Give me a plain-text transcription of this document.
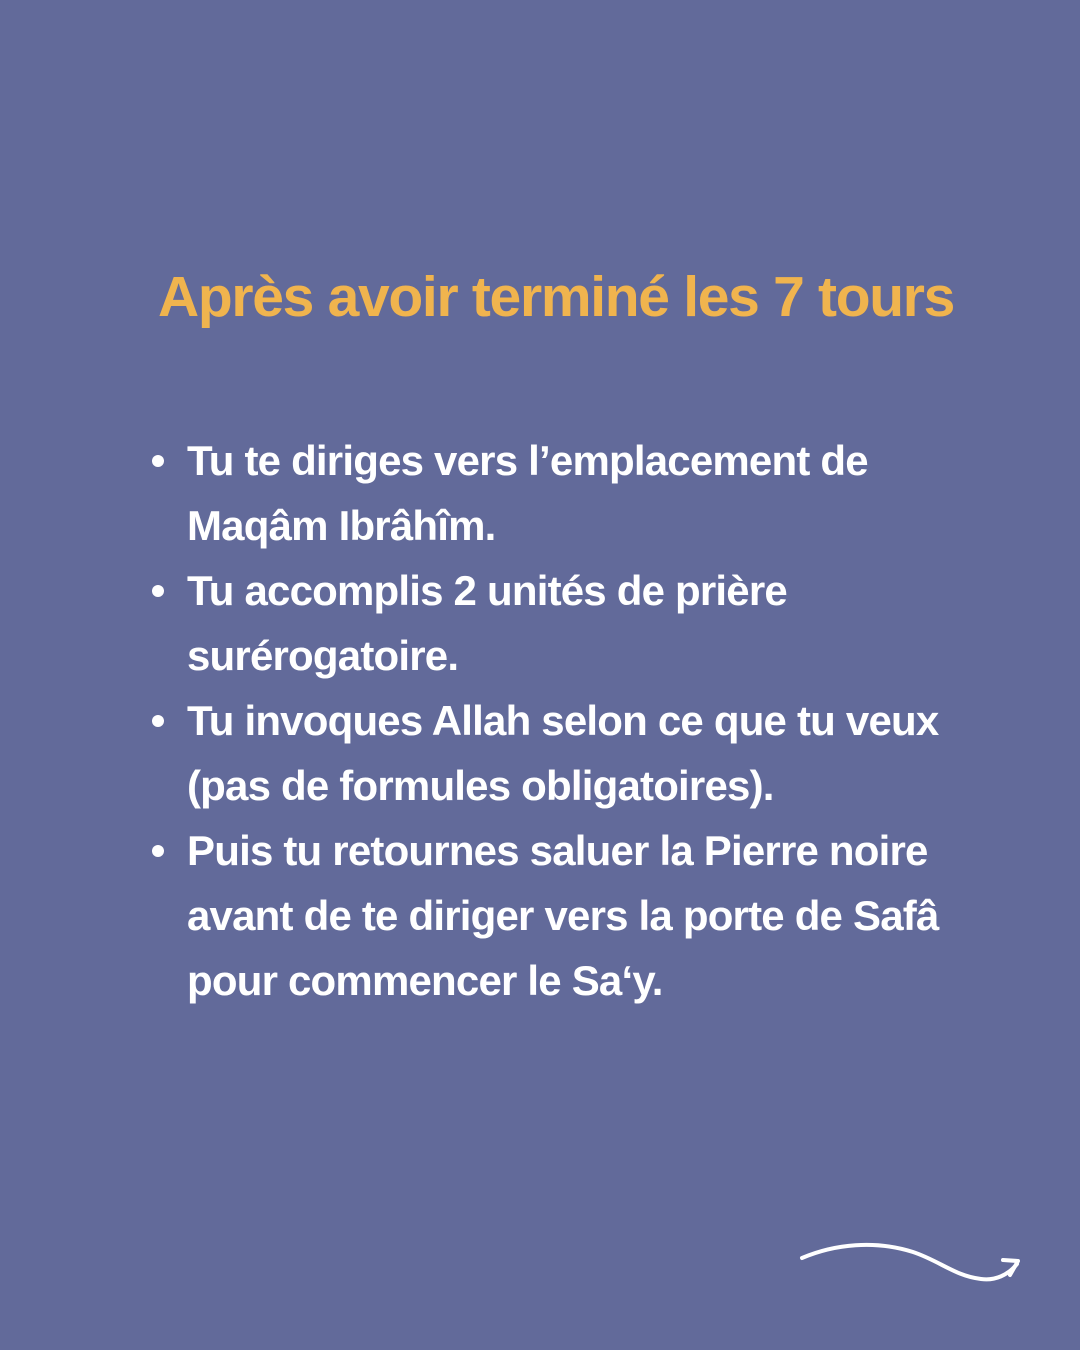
Après avoir terminé les 7 tours
Tu te diriges vers l’emplacement de
Maqâm Ibrâhîm.
Tu accomplis 2 unités de prière
surérogatoire.
Tu invoques Allah selon ce que tu veux
(pas de formules obligatoires).
Puis tu retournes saluer la Pierre noire
avant de te diriger vers la porte de Safâ
pour commencer le Sa‘y.
